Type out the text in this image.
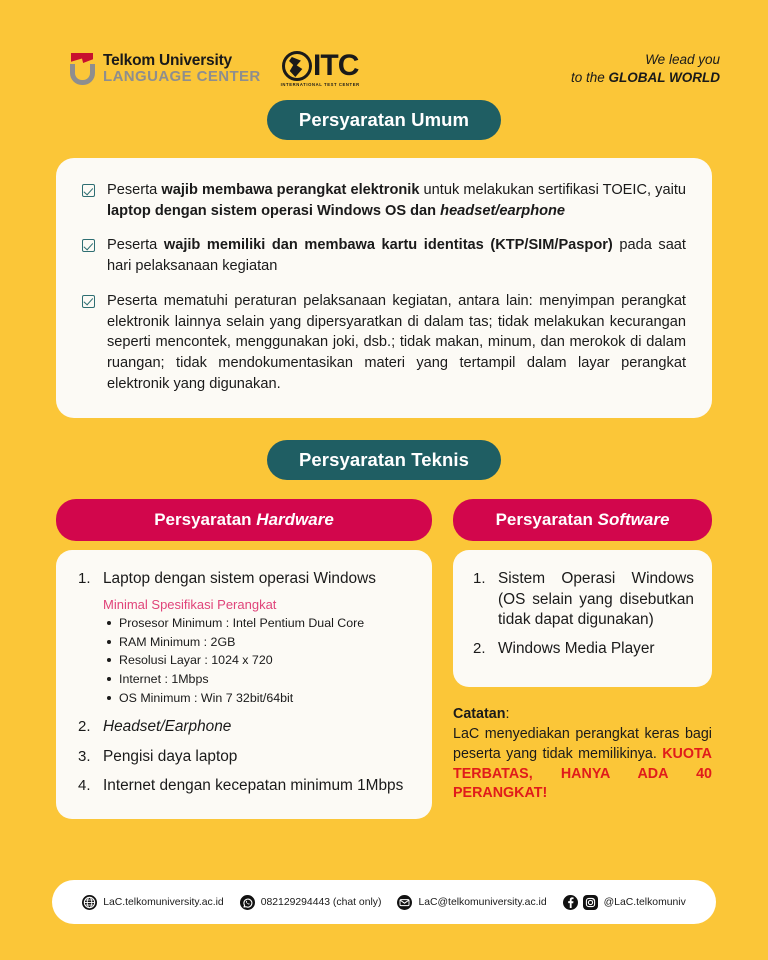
Telkom University
LANGUAGE CENTER ITC
INTERNATIONAL TEST CENTER
We lead you
to the GLOBAL WORLD
Persyaratan Umum
Peserta wajib membawa perangkat elektronik untuk melakukan sertifikasi TOEIC, yaitu laptop dengan sistem operasi Windows OS dan headset/earphone
Peserta wajib memiliki dan membawa kartu identitas (KTP/SIM/Paspor) pada saat hari pelaksanaan kegiatan
Peserta mematuhi peraturan pelaksanaan kegiatan, antara lain: menyimpan perangkat elektronik lainnya selain yang dipersyaratkan di dalam tas; tidak melakukan kecurangan seperti mencontek, menggunakan joki, dsb.; tidak makan, minum, dan merokok di dalam ruangan; tidak mendokumentasikan materi yang tertampil dalam layar perangkat elektronik yang digunakan.
Persyaratan Teknis
Persyaratan Hardware
Laptop dengan sistem operasi Windows
Minimal Spesifikasi Perangkat
Prosesor Minimum : Intel Pentium Dual Core
RAM Minimum : 2GB
Resolusi Layar : 1024 x 720
Internet : 1Mbps
OS Minimum : Win 7 32bit/64bit
Headset/Earphone
Pengisi daya laptop
Internet dengan kecepatan minimum 1Mbps
Persyaratan Software
Sistem Operasi Windows (OS selain yang disebutkan tidak dapat digunakan)
Windows Media Player
Catatan:
LaC menyediakan perangkat keras bagi peserta yang tidak memilikinya. KUOTA TERBATAS, HANYA ADA 40 PERANGKAT!
LaC.telkomuniversity.ac.id	082129294443 (chat only)	LaC@telkomuniversity.ac.id	@LaC.telkomuniv
